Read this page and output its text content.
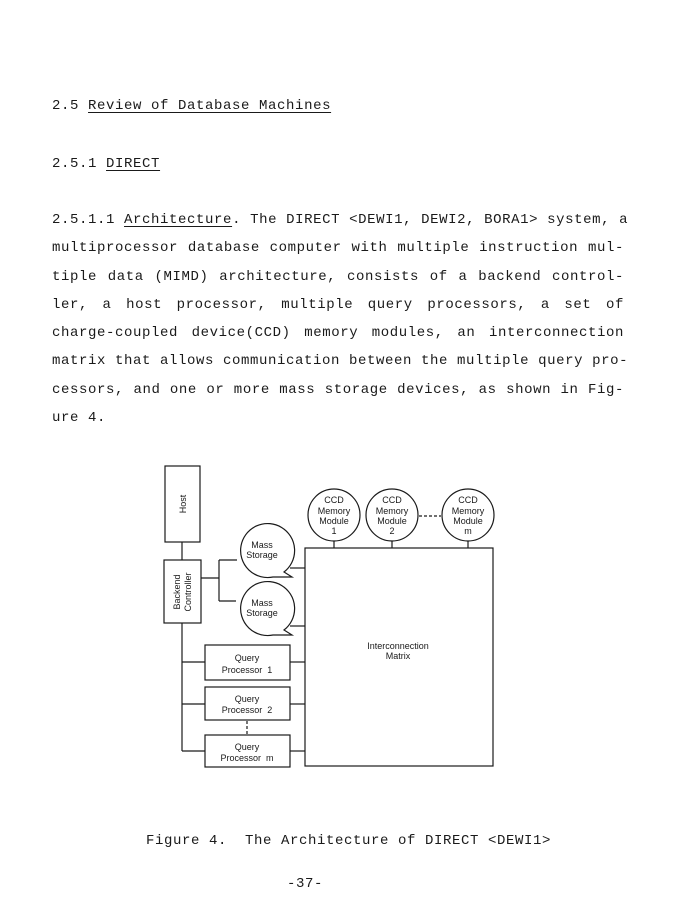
2.5 Review of Database Machines
2.5.1 DIRECT
2.5.1.1 Architecture. The DIRECT <DEWI1, DEWI2, BORA1> system, a
multiprocessor database computer with multiple instruction mul-
tiple data (MIMD) architecture, consists of a backend control-
ler, a host processor, multiple query processors, a set of
charge-coupled device(CCD) memory modules, an interconnection
matrix that allows communication between the multiple query pro-
cessors, and one or more mass storage devices, as shown in Fig-
ure 4.
Host
Backend Controller
Mass
Storage
Mass
Storage
CCD
Memory
Module
1
CCD
Memory
Module
2
CCD
Memory
Module
m
Interconnection
Matrix
Query
Processor  1
Query
Processor  2
Query
Processor  m
Figure 4.  The Architecture of DIRECT <DEWI1>
-37-
